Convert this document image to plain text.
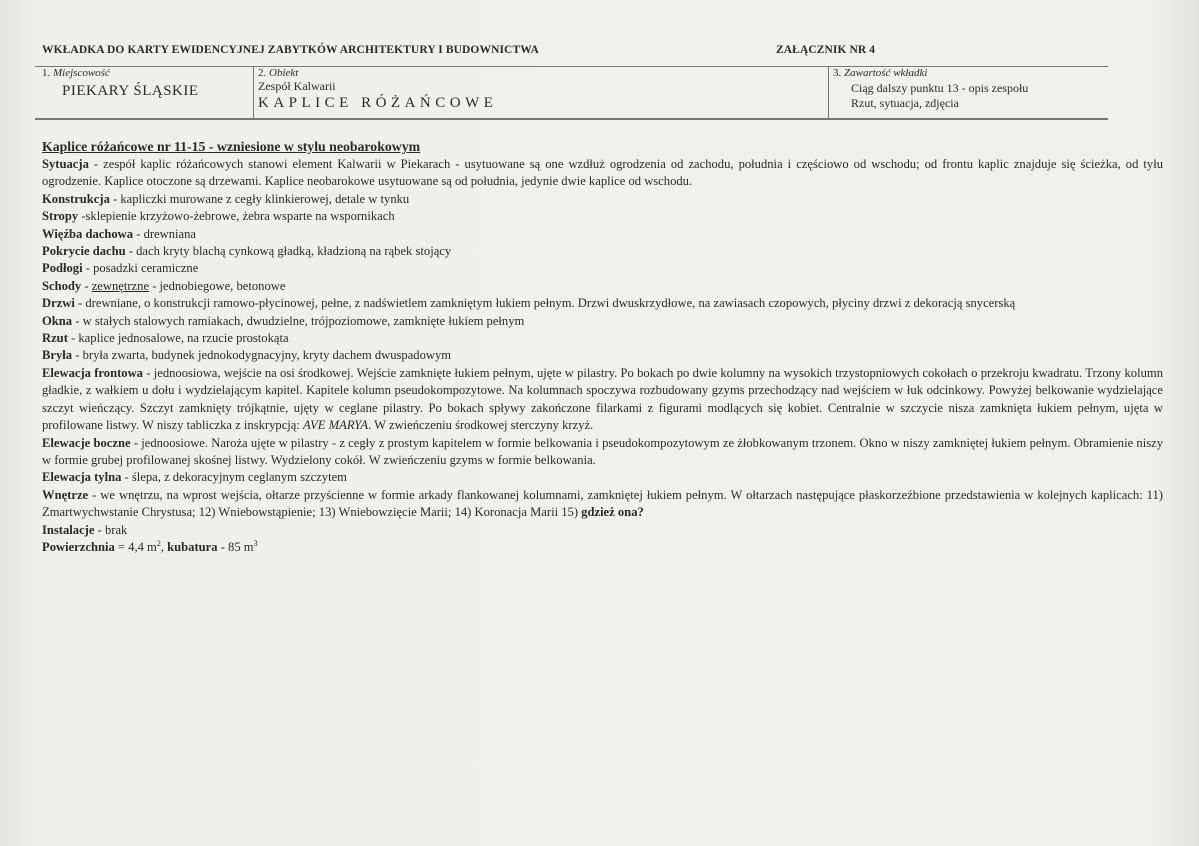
WKŁADKA DO KARTY EWIDENCYJNEJ ZABYTKÓW ARCHITEKTURY I BUDOWNICTWA	ZAŁĄCZNIK NR 4
1. Miejscowość
PIEKARY ŚLĄSKIE
2. Obiekt
Zespół Kalwarii
KAPLICE RÓŻAŃCOWE
3. Zawartość wkładki
Ciąg dalszy punktu 13 - opis zespołu
Rzut, sytuacja, zdjęcia
Kaplice różańcowe nr 11-15 - wzniesione w stylu neobarokowym
Sytuacja - zespół kaplic różańcowych stanowi element Kalwarii w Piekarach - usytuowane są one wzdłuż ogrodzenia od zachodu, południa i częściowo od wschodu; od frontu kaplic znajduje się ścieżka, od tyłu ogrodzenie. Kaplice otoczone są drzewami. Kaplice neobarokowe usytuowane są od południa, jedynie dwie kaplice od wschodu.
Konstrukcja - kapliczki murowane z cegły klinkierowej, detale w tynku
Stropy -sklepienie krzyżowo-żebrowe, żebra wsparte na wspornikach
Więźba dachowa - drewniana
Pokrycie dachu - dach kryty blachą cynkową gładką, kładzioną na rąbek stojący
Podłogi - posadzki ceramiczne
Schody - zewnętrzne - jednobiegowe, betonowe
Drzwi - drewniane, o konstrukcji ramowo-płycinowej, pełne, z nadświetlem zamkniętym łukiem pełnym. Drzwi dwuskrzydłowe, na zawiasach czopowych, płyciny drzwi z dekoracją snycerską
Okna - w stałych stalowych ramiakach, dwudzielne, trójpoziomowe, zamknięte łukiem pełnym
Rzut - kaplice jednosalowe, na rzucie prostokąta
Bryła - bryła zwarta, budynek jednokodygnacyjny, kryty dachem dwuspadowym
Elewacja frontowa - jednoosiowa, wejście na osi środkowej. Wejście zamknięte łukiem pełnym, ujęte w pilastry. Po bokach po dwie kolumny na wysokich trzystopniowych cokołach o przekroju kwadratu. Trzony kolumn gładkie, z wałkiem u dołu i wydzielającym kapitel. Kapitele kolumn pseudokompozytowe. Na kolumnach spoczywa rozbudowany gzyms przechodzący nad wejściem w łuk odcinkowy. Powyżej belkowanie wydzielające szczyt wieńczący. Szczyt zamknięty trójkątnie, ujęty w ceglane pilastry. Po bokach spływy zakończone filarkami z figurami modlących się kobiet. Centralnie w szczycie nisza zamknięta łukiem pełnym, ujęta w profilowane listwy. W niszy tabliczka z inskrypcją: AVE MARYA. W zwieńczeniu środkowej sterczyny krzyż.
Elewacje boczne - jednoosiowe. Naroża ujęte w pilastry - z cegły z prostym kapitelem w formie belkowania i pseudokompozytowym ze żłobkowanym trzonem. Okno w niszy zamkniętej łukiem pełnym. Obramienie niszy w formie grubej profilowanej skośnej listwy. Wydzielony cokół. W zwieńczeniu gzyms w formie belkowania.
Elewacja tylna - ślepa, z dekoracyjnym ceglanym szczytem
Wnętrze - we wnętrzu, na wprost wejścia, ołtarze przyścienne w formie arkady flankowanej kolumnami, zamkniętej łukiem pełnym. W ołtarzach następujące płaskorzeźbione przedstawienia w kolejnych kaplicach: 11) Zmartwychwstanie Chrystusa; 12) Wniebowstąpienie; 13) Wniebowzięcie Marii; 14) Koronacja Marii 15) gdzież ona?
Instalacje - brak
Powierzchnia = 4,4 $m^2$, kubatura - 85 $m^3$
